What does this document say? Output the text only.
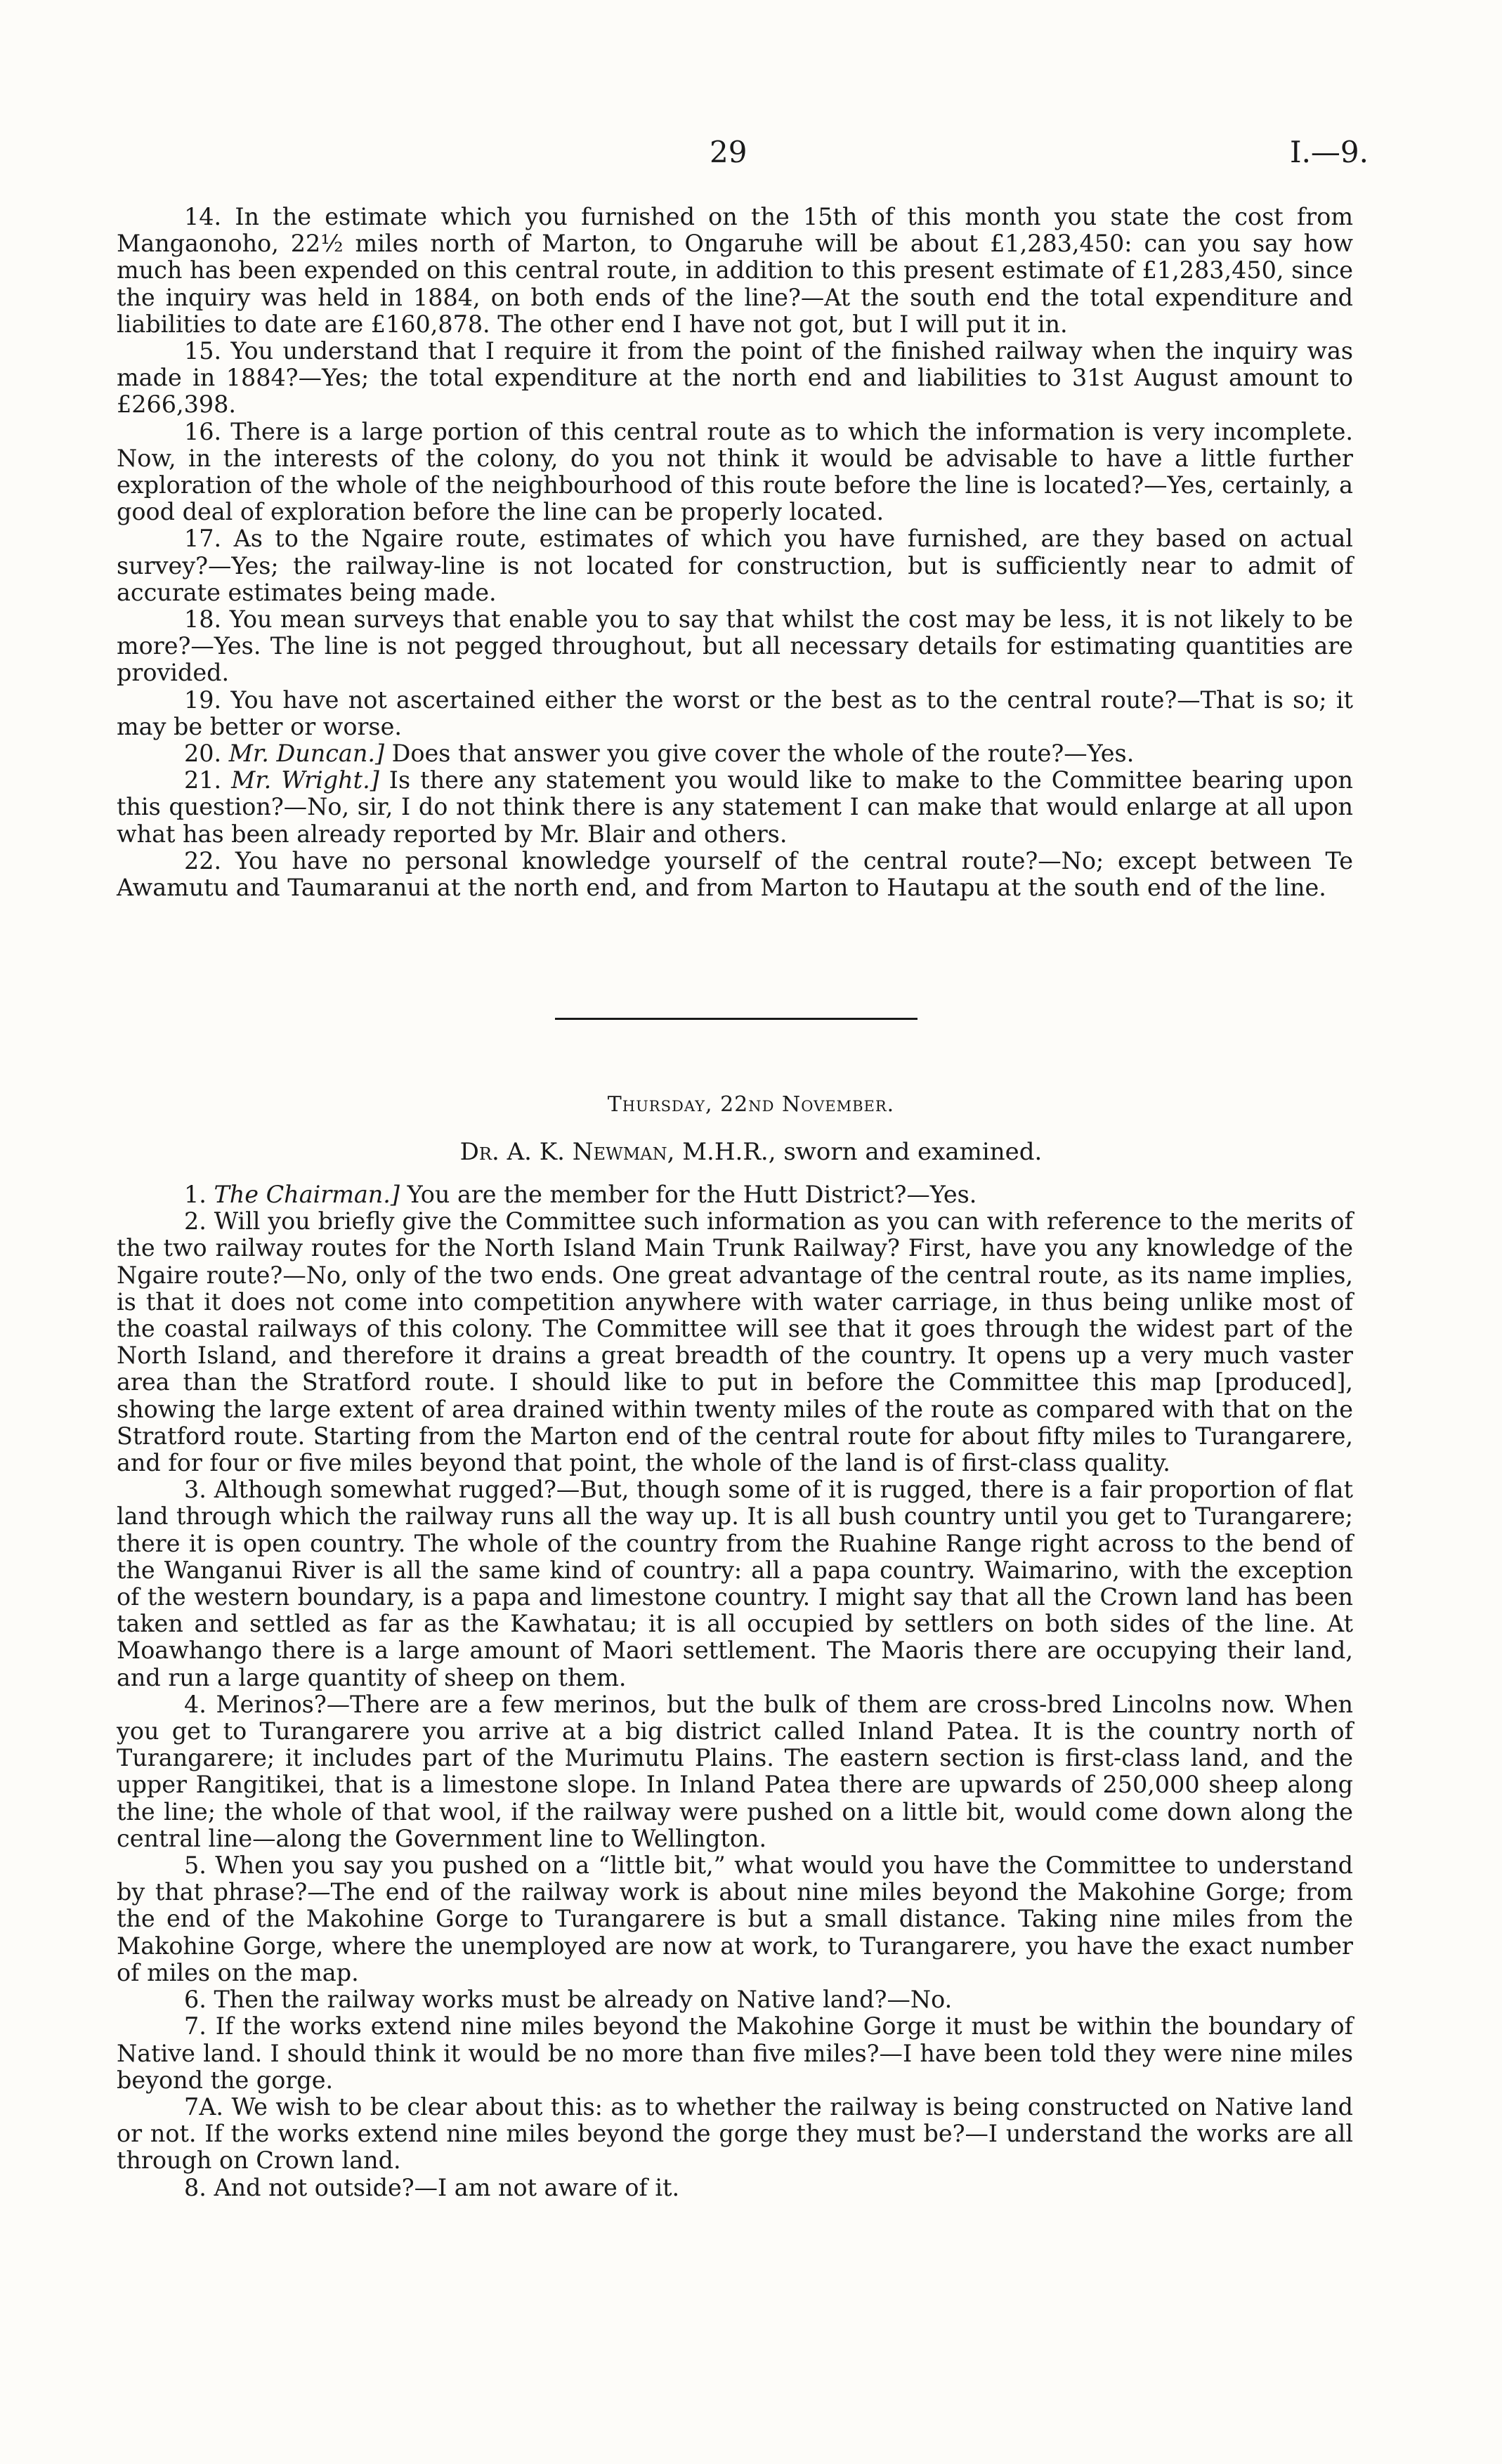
29	I.—9.

14. In the estimate which you furnished on the 15th of this month you state the cost from Mangaonoho, 22½ miles north of Marton, to Ongaruhe will be about £1,283,450: can you say how much has been expended on this central route, in addition to this present estimate of £1,283,450, since the inquiry was held in 1884, on both ends of the line?—At the south end the total expenditure and liabilities to date are £160,878. The other end I have not got, but I will put it in.

15. You understand that I require it from the point of the finished railway when the inquiry was made in 1884?—Yes; the total expenditure at the north end and liabilities to 31st August amount to £266,398.

16. There is a large portion of this central route as to which the information is very incomplete. Now, in the interests of the colony, do you not think it would be advisable to have a little further exploration of the whole of the neighbourhood of this route before the line is located?—Yes, certainly, a good deal of exploration before the line can be properly located.

17. As to the Ngaire route, estimates of which you have furnished, are they based on actual survey?—Yes; the railway-line is not located for construction, but is sufficiently near to admit of accurate estimates being made.

18. You mean surveys that enable you to say that whilst the cost may be less, it is not likely to be more?—Yes. The line is not pegged throughout, but all necessary details for estimating quantities are provided.

19. You have not ascertained either the worst or the best as to the central route?—That is so; it may be better or worse.

20. Mr. Duncan.] Does that answer you give cover the whole of the route?—Yes.

21. Mr. Wright.] Is there any statement you would like to make to the Committee bearing upon this question?—No, sir, I do not think there is any statement I can make that would enlarge at all upon what has been already reported by Mr. Blair and others.

22. You have no personal knowledge yourself of the central route?—No; except between Te Awamutu and Taumaranui at the north end, and from Marton to Hautapu at the south end of the line.

Thursday, 22nd November.
Dr. A. K. Newman, M.H.R., sworn and examined.

1. The Chairman.] You are the member for the Hutt District?—Yes.

2. Will you briefly give the Committee such information as you can with reference to the merits of the two railway routes for the North Island Main Trunk Railway? First, have you any knowledge of the Ngaire route?—No, only of the two ends. One great advantage of the central route, as its name implies, is that it does not come into competition anywhere with water carriage, in thus being unlike most of the coastal railways of this colony. The Committee will see that it goes through the widest part of the North Island, and therefore it drains a great breadth of the country. It opens up a very much vaster area than the Stratford route. I should like to put in before the Committee this map [produced], showing the large extent of area drained within twenty miles of the route as compared with that on the Stratford route. Starting from the Marton end of the central route for about fifty miles to Turangarere, and for four or five miles beyond that point, the whole of the land is of first-class quality.

3. Although somewhat rugged?—But, though some of it is rugged, there is a fair proportion of flat land through which the railway runs all the way up. It is all bush country until you get to Turangarere; there it is open country. The whole of the country from the Ruahine Range right across to the bend of the Wanganui River is all the same kind of country: all a papa country. Waimarino, with the exception of the western boundary, is a papa and limestone country. I might say that all the Crown land has been taken and settled as far as the Kawhatau; it is all occupied by settlers on both sides of the line. At Moawhango there is a large amount of Maori settlement. The Maoris there are occupying their land, and run a large quantity of sheep on them.

4. Merinos?—There are a few merinos, but the bulk of them are cross-bred Lincolns now. When you get to Turangarere you arrive at a big district called Inland Patea. It is the country north of Turangarere; it includes part of the Murimutu Plains. The eastern section is first-class land, and the upper Rangitikei, that is a limestone slope. In Inland Patea there are upwards of 250,000 sheep along the line; the whole of that wool, if the railway were pushed on a little bit, would come down along the central line—along the Government line to Wellington.

5. When you say you pushed on a “little bit,” what would you have the Committee to understand by that phrase?—The end of the railway work is about nine miles beyond the Makohine Gorge; from the end of the Makohine Gorge to Turangarere is but a small distance. Taking nine miles from the Makohine Gorge, where the unemployed are now at work, to Turangarere, you have the exact number of miles on the map.

6. Then the railway works must be already on Native land?—No.

7. If the works extend nine miles beyond the Makohine Gorge it must be within the boundary of Native land. I should think it would be no more than five miles?—I have been told they were nine miles beyond the gorge.

7A. We wish to be clear about this: as to whether the railway is being constructed on Native land or not. If the works extend nine miles beyond the gorge they must be?—I understand the works are all through on Crown land.

8. And not outside?—I am not aware of it.
